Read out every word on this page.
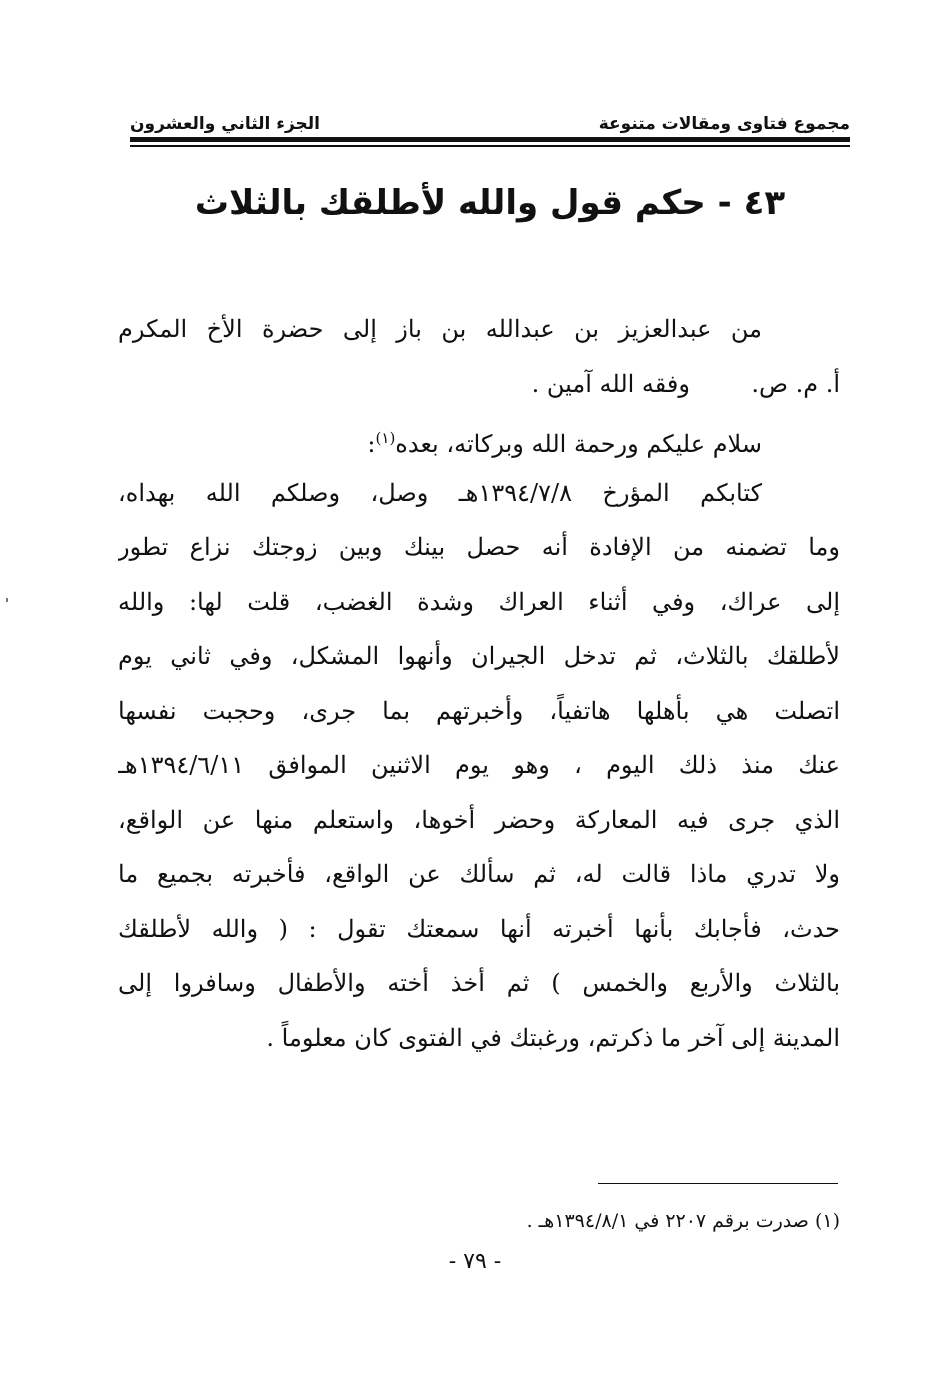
مجموع فتاوى ومقالات متنوعة
الجزء الثاني والعشرون
٤٣ - حكم قول والله لأطلقك بالثلاث
من عبدالعزيز بن عبدالله بن باز إلى حضرة الأخ المكرم
أ. م. ص.
وفقه الله آمين .
سلام عليكم ورحمة الله وبركاته، بعده$^{(١)}$:
كتابكم المؤرخ ١٣٩٤/٧/٨هـ وصل، وصلكم الله بهداه،
وما تضمنه من الإفادة أنه حصل بينك وبين زوجتك نزاع تطور
إلى عراك، وفي أثناء العراك وشدة الغضب، قلت لها: والله
لأطلقك بالثلاث، ثم تدخل الجيران وأنهوا المشكل، وفي ثاني يوم
اتصلت هي بأهلها هاتفياً، وأخبرتهم بما جرى، وحجبت نفسها
عنك منذ ذلك اليوم ، وهو يوم الاثنين الموافق ١٣٩٤/٦/١١هـ
الذي جرى فيه المعاركة وحضر أخوها، واستعلم منها عن الواقع،
ولا تدري ماذا قالت له، ثم سألك عن الواقع، فأخبرته بجميع ما
حدث، فأجابك بأنها أخبرته أنها سمعتك تقول : ( والله لأطلقك
بالثلاث والأربع والخمس ) ثم أخذ أخته والأطفال وسافروا إلى
المدينة إلى آخر ما ذكرتم، ورغبتك في الفتوى كان معلوماً .
(١) صدرت برقم ٢٢٠٧ في ١٣٩٤/٨/١هـ .
- ٧٩ -
